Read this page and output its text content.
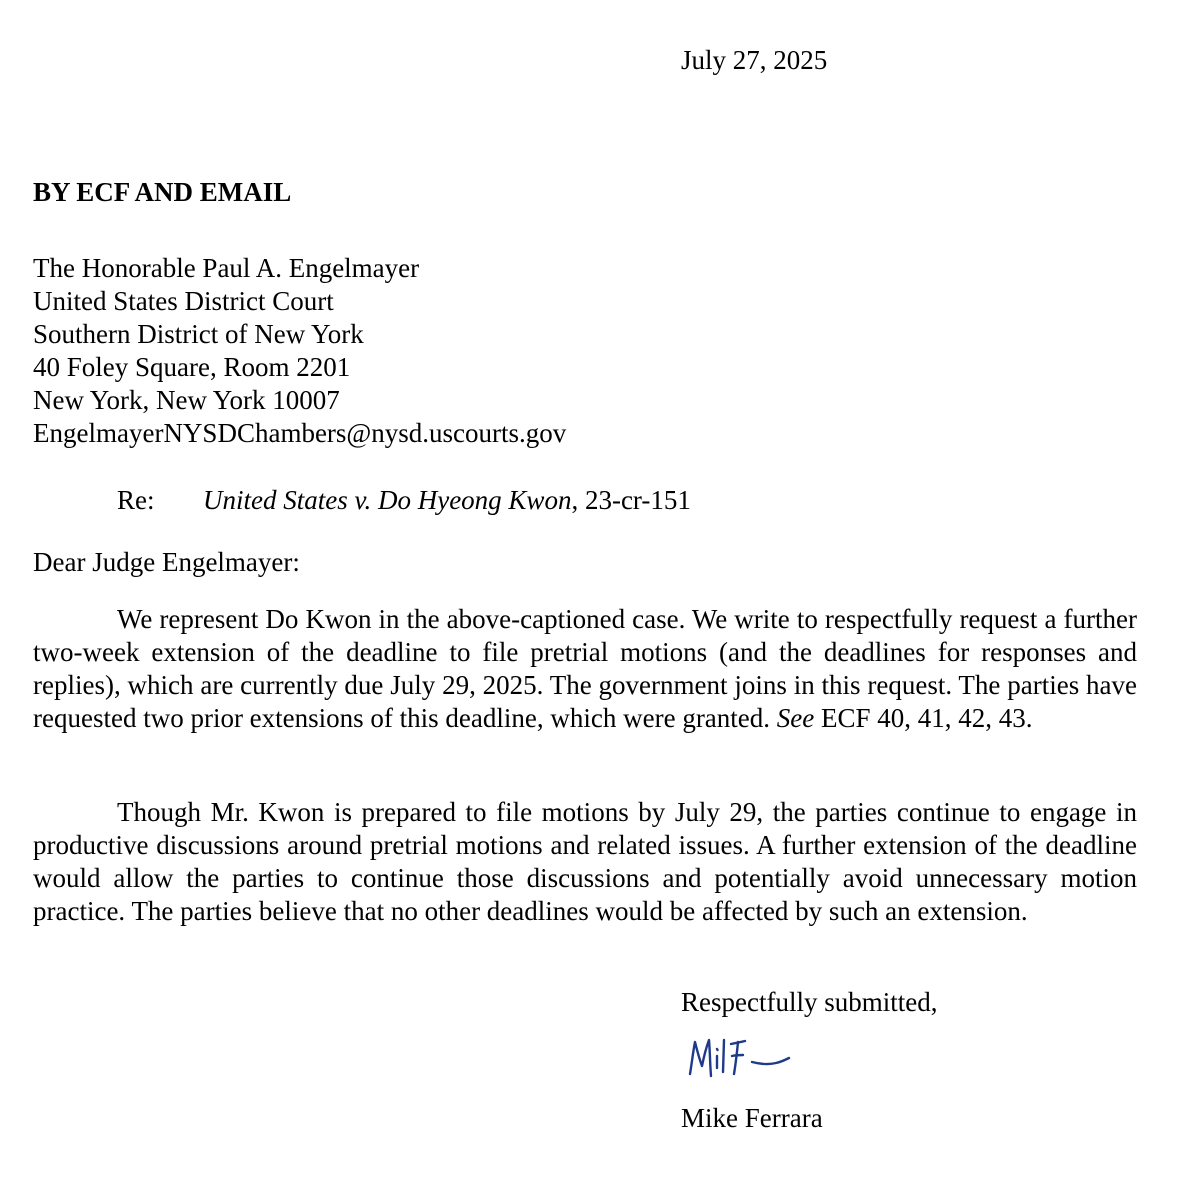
July 27, 2025
BY ECF AND EMAIL
The Honorable Paul A. Engelmayer
United States District Court
Southern District of New York
40 Foley Square, Room 2201
New York, New York 10007
EngelmayerNYSDChambers@nysd.uscourts.gov
Re: United States v. Do Hyeong Kwon, 23-cr-151
Dear Judge Engelmayer:
We represent Do Kwon in the above-captioned case. We write to respectfully request a further two-week extension of the deadline to file pretrial motions (and the deadlines for responses and replies), which are currently due July 29, 2025. The government joins in this request. The parties have requested two prior extensions of this deadline, which were granted. See ECF 40, 41, 42, 43.
Though Mr. Kwon is prepared to file motions by July 29, the parties continue to engage in productive discussions around pretrial motions and related issues. A further extension of the deadline would allow the parties to continue those discussions and potentially avoid unnecessary motion practice. The parties believe that no other deadlines would be affected by such an extension.
Respectfully submitted,
Mike Ferrara
